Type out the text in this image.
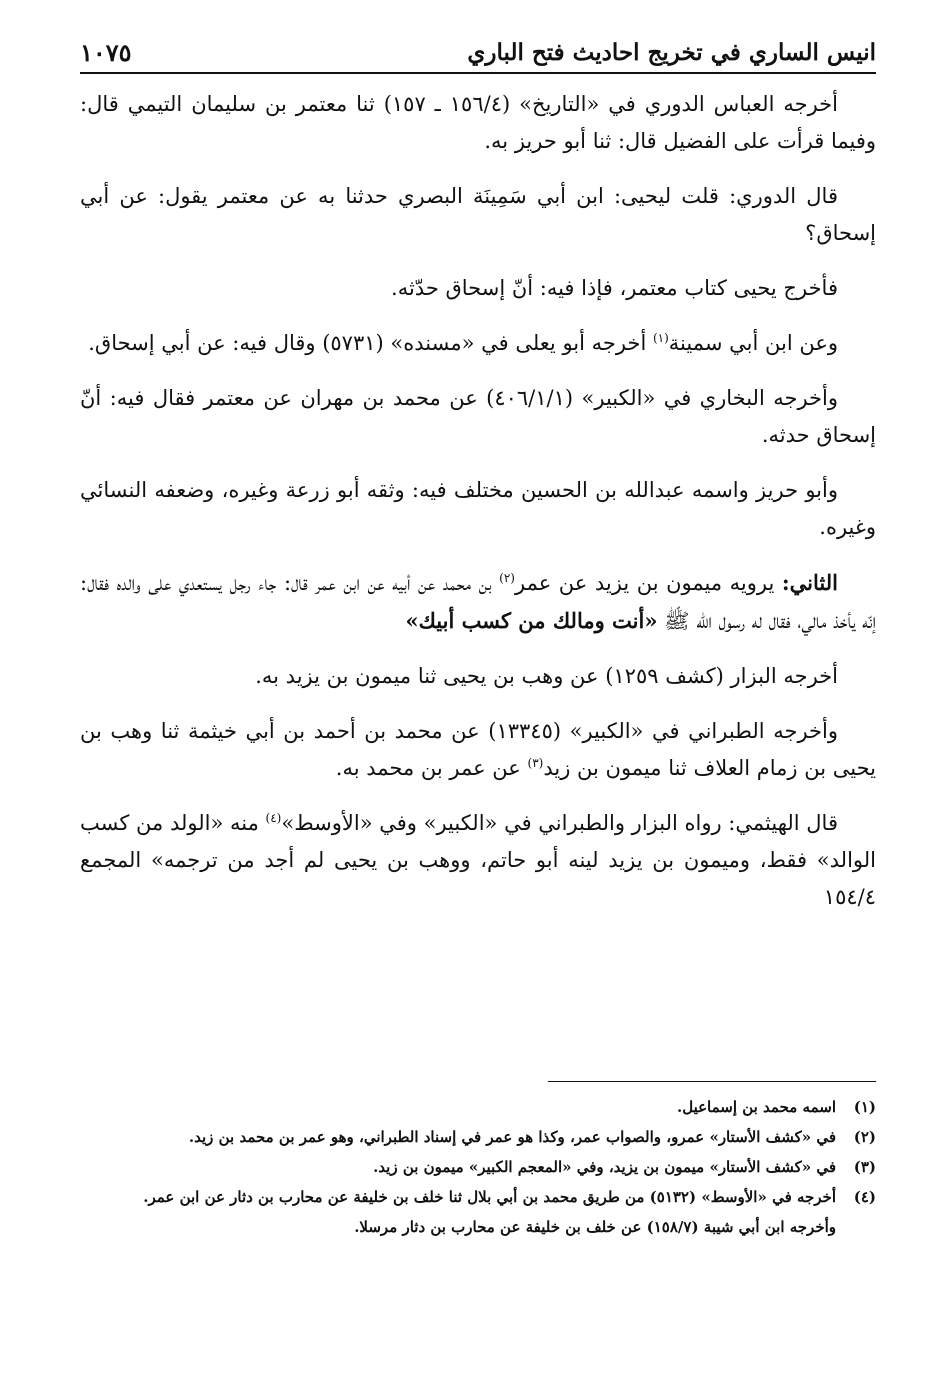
انيس الساري في تخريج احاديث فتح الباري
١٠٧٥

أخرجه العباس الدوري في «التاريخ» (١٥٦/٤ ـ ١٥٧) ثنا معتمر بن سليمان التيمي قال: وفيما قرأت على الفضيل قال: ثنا أبو حريز به.

قال الدوري: قلت ليحيى: ابن أبي سَمِينَة البصري حدثنا به عن معتمر يقول: عن أبي إسحاق؟

فأخرج يحيى كتاب معتمر، فإذا فيه: أنّ إسحاق حدّثه.

وعن ابن أبي سمينة$^{(١)}$ أخرجه أبو يعلى في «مسنده» (٥٧٣١) وقال فيه: عن أبي إسحاق.

وأخرجه البخاري في «الكبير» (٤٠٦/١/١) عن محمد بن مهران عن معتمر فقال فيه: أنّ إسحاق حدثه.

وأبو حريز واسمه عبدالله بن الحسين مختلف فيه: وثقه أبو زرعة وغيره، وضعفه النسائي وغيره.

الثاني: يرويه ميمون بن يزيد عن عمر$^{(٢)}$ بن محمد عن أبيه عن ابن عمر قال: جاء رجل يستعدي على والده فقال: إنّه يأخذ مالي، فقال له رسول الله ﷺ «أنت ومالك من كسب أبيك»

أخرجه البزار (كشف ١٢٥٩) عن وهب بن يحيى ثنا ميمون بن يزيد به.

وأخرجه الطبراني في «الكبير» (١٣٣٤٥) عن محمد بن أحمد بن أبي خيثمة ثنا وهب بن يحيى بن زمام العلاف ثنا ميمون بن زيد$^{(٣)}$ عن عمر بن محمد به.

قال الهيثمي: رواه البزار والطبراني في «الكبير» وفي «الأوسط»$^{(٤)}$ منه «الولد من كسب الوالد» فقط، وميمون بن يزيد لينه أبو حاتم، ووهب بن يحيى لم أجد من ترجمه» المجمع ١٥٤/٤

(١)
اسمه محمد بن إسماعيل.
(٢)
في «كشف الأستار» عمرو، والصواب عمر، وكذا هو عمر في إسناد الطبراني، وهو عمر بن محمد بن زيد.
(٣)
في «كشف الأستار» ميمون بن يزيد، وفي «المعجم الكبير» ميمون بن زيد.
(٤)
أخرجه في «الأوسط» (٥١٣٢) من طريق محمد بن أبي بلال ثنا خلف بن خليفة عن محارب بن دثار عن ابن عمر.
وأخرجه ابن أبي شيبة (١٥٨/٧) عن خلف بن خليفة عن محارب بن دثار مرسلا.
